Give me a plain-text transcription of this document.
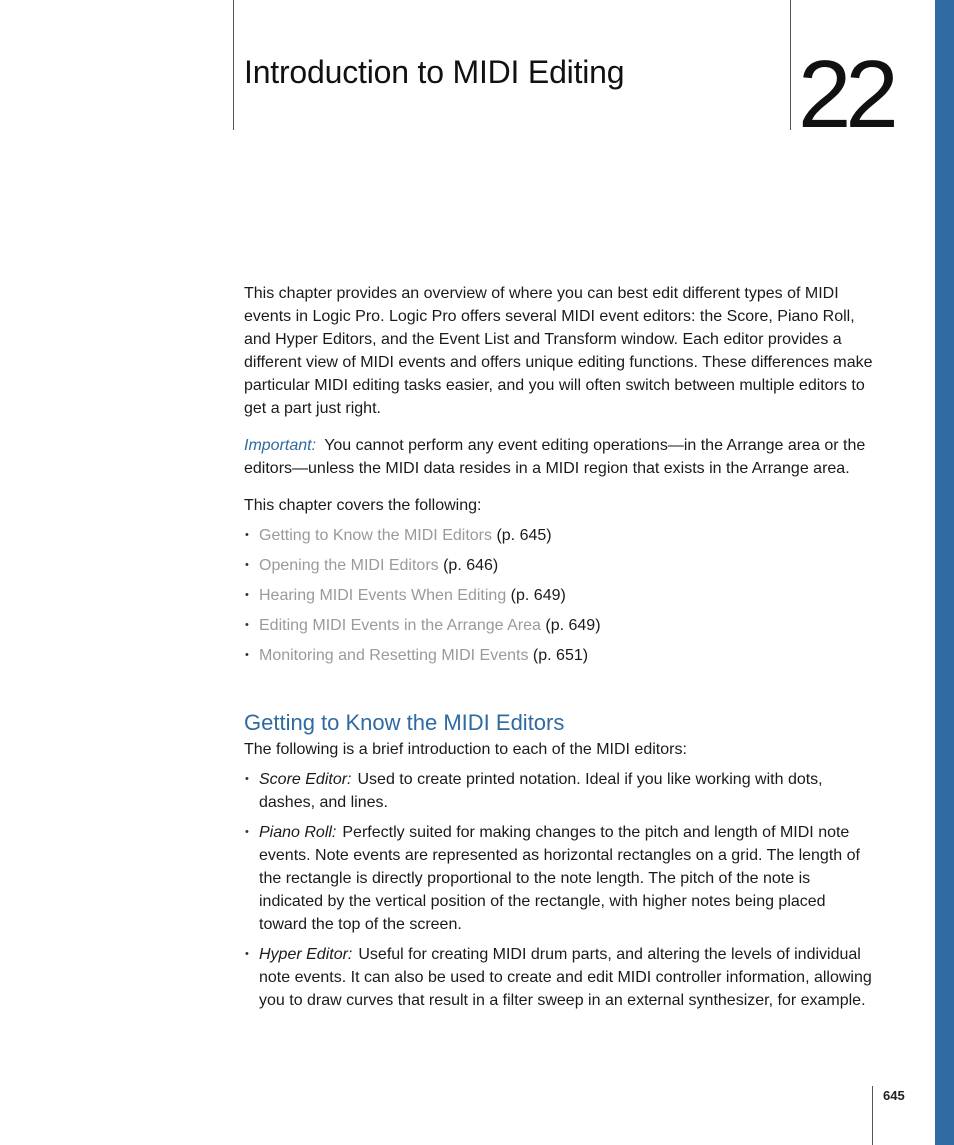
Introduction to MIDI Editing 22

This chapter provides an overview of where you can best edit different types of MIDI events in Logic Pro. Logic Pro offers several MIDI event editors: the Score, Piano Roll, and Hyper Editors, and the Event List and Transform window. Each editor provides a different view of MIDI events and offers unique editing functions. These differences make particular MIDI editing tasks easier, and you will often switch between multiple editors to get a part just right.

Important: You cannot perform any event editing operations—in the Arrange area or the editors—unless the MIDI data resides in a MIDI region that exists in the Arrange area.

This chapter covers the following:

• Getting to Know the MIDI Editors (p. 645)
• Opening the MIDI Editors (p. 646)
• Hearing MIDI Events When Editing (p. 649)
• Editing MIDI Events in the Arrange Area (p. 649)
• Monitoring and Resetting MIDI Events (p. 651)
Getting to Know the MIDI Editors

The following is a brief introduction to each of the MIDI editors:

• Score Editor: Used to create printed notation. Ideal if you like working with dots, dashes, and lines.
• Piano Roll: Perfectly suited for making changes to the pitch and length of MIDI note events. Note events are represented as horizontal rectangles on a grid. The length of the rectangle is directly proportional to the note length. The pitch of the note is indicated by the vertical position of the rectangle, with higher notes being placed toward the top of the screen.
• Hyper Editor: Useful for creating MIDI drum parts, and altering the levels of individual note events. It can also be used to create and edit MIDI controller information, allowing you to draw curves that result in a filter sweep in an external synthesizer, for example.
645
